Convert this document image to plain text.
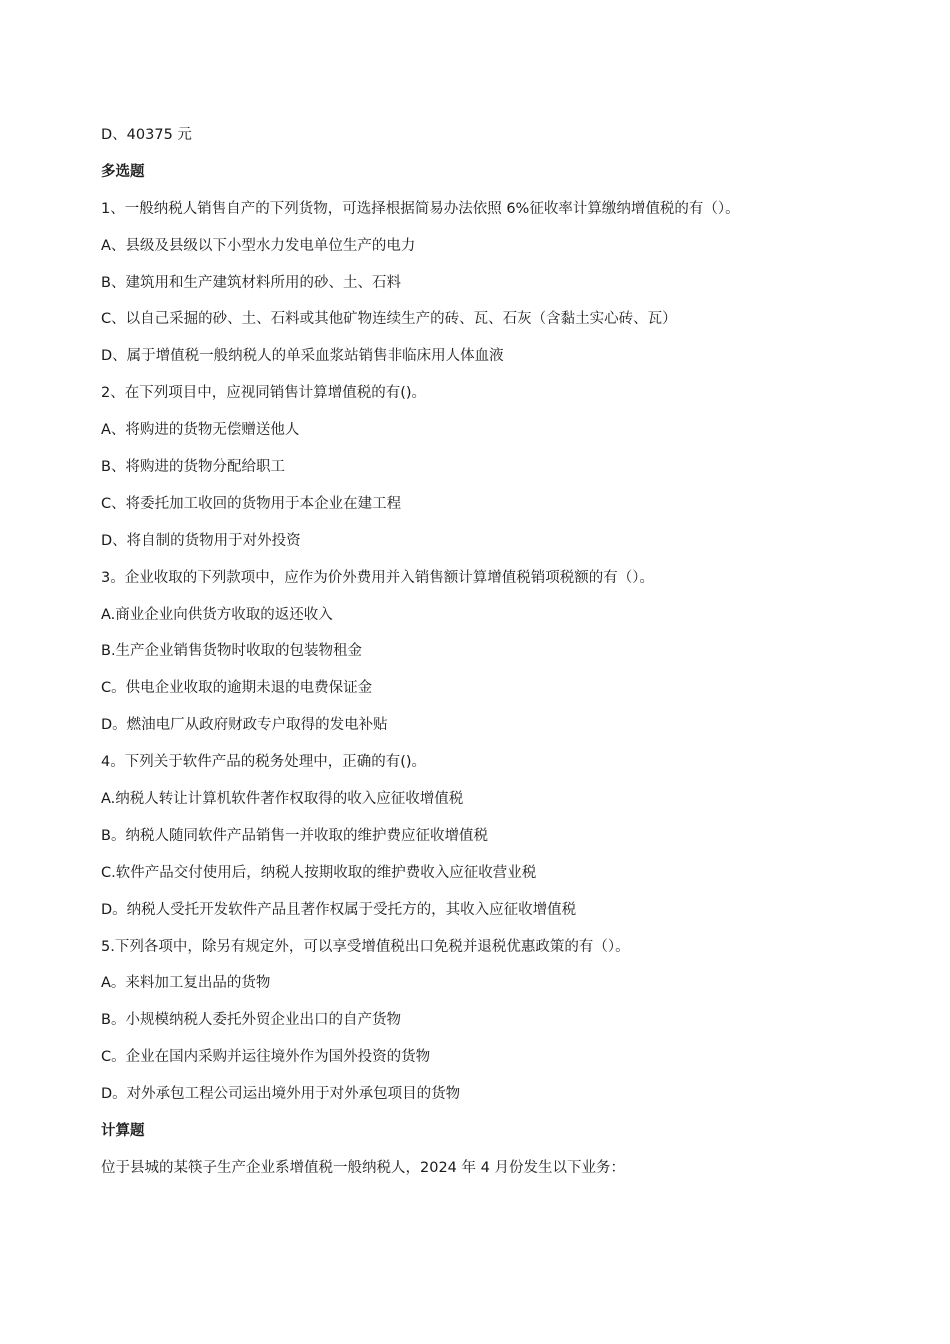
D、40375 元
多选题
1、一般纳税人销售自产的下列货物，可选择根据简易办法依照 6%征收率计算缴纳增值税的有（）。
A、县级及县级以下小型水力发电单位生产的电力
B、建筑用和生产建筑材料所用的砂、土、石料
C、以自己采掘的砂、土、石料或其他矿物连续生产的砖、瓦、石灰（含黏土实心砖、瓦）
D、属于增值税一般纳税人的单采血浆站销售非临床用人体血液
2、在下列项目中，应视同销售计算增值税的有()。
A、将购进的货物无偿赠送他人
B、将购进的货物分配给职工
C、将委托加工收回的货物用于本企业在建工程
D、将自制的货物用于对外投资
3。企业收取的下列款项中，应作为价外费用并入销售额计算增值税销项税额的有（）。
A.商业企业向供货方收取的返还收入
B.生产企业销售货物时收取的包装物租金
C。供电企业收取的逾期未退的电费保证金
D。燃油电厂从政府财政专户取得的发电补贴
4。下列关于软件产品的税务处理中，正确的有()。
A.纳税人转让计算机软件著作权取得的收入应征收增值税
B。纳税人随同软件产品销售一并收取的维护费应征收增值税
C.软件产品交付使用后，纳税人按期收取的维护费收入应征收营业税
D。纳税人受托开发软件产品且著作权属于受托方的，其收入应征收增值税
5.下列各项中，除另有规定外，可以享受增值税出口免税并退税优惠政策的有（）。
A。来料加工复出品的货物
B。小规模纳税人委托外贸企业出口的自产货物
C。企业在国内采购并运往境外作为国外投资的货物
D。对外承包工程公司运出境外用于对外承包项目的货物
计算题
位于县城的某筷子生产企业系增值税一般纳税人，2024 年 4 月份发生以下业务：
